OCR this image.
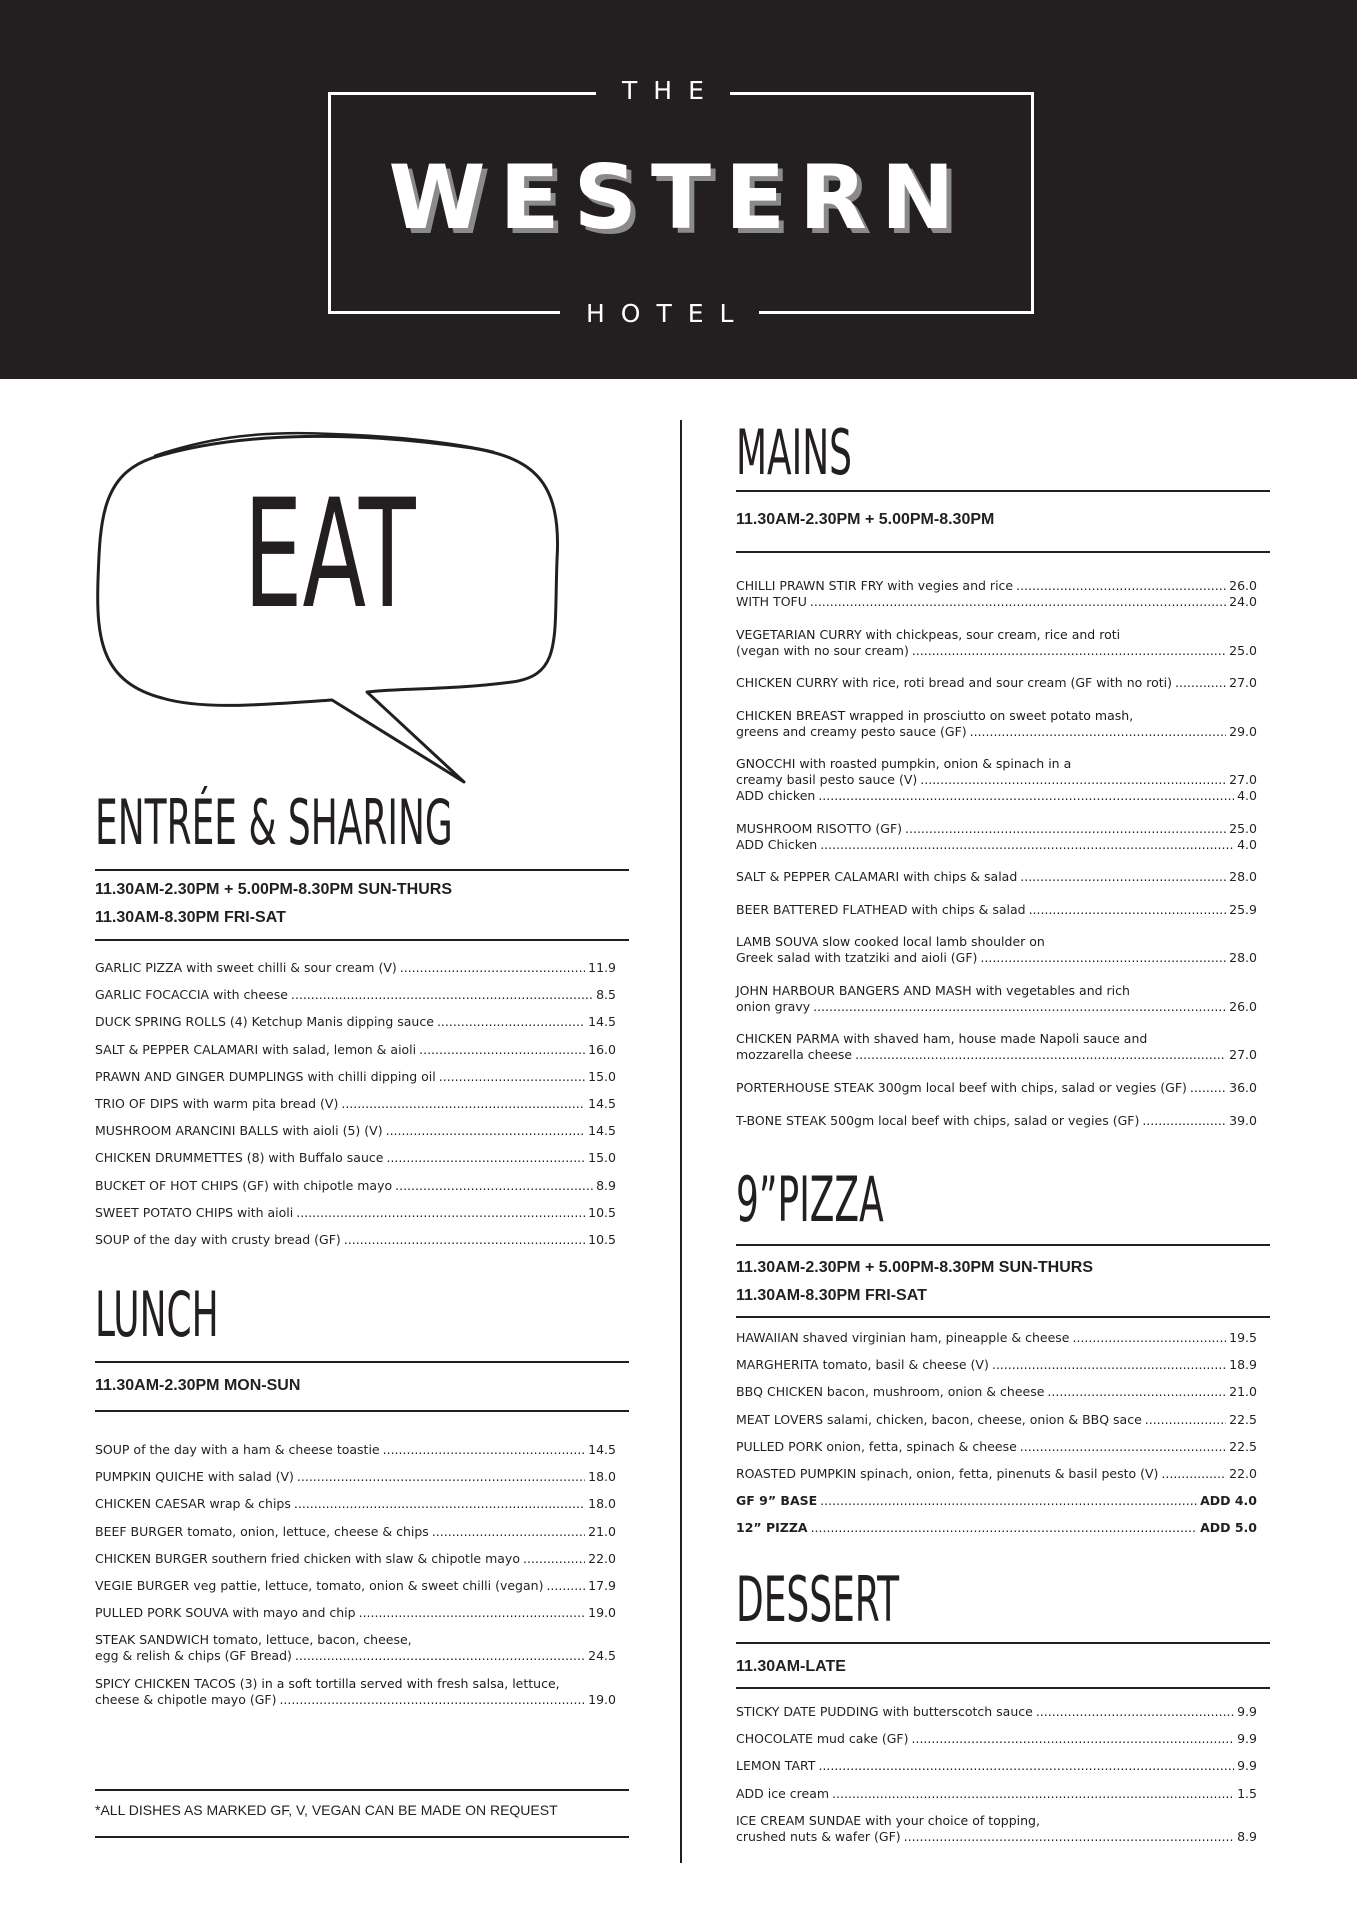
THE
WESTERN
HOTEL
EAT
ENTRÉE & SHARING
11.30AM-2.30PM + 5.00PM-8.30PM SUN-THURS
11.30AM-8.30PM FRI-SAT
GARLIC PIZZA with sweet chilli & sour cream (V) .....	11.9
GARLIC FOCACCIA with cheese .....	8.5
DUCK SPRING ROLLS (4) Ketchup Manis dipping sauce .....	14.5
SALT & PEPPER CALAMARI with salad, lemon & aioli .....	16.0
PRAWN AND GINGER DUMPLINGS with chilli dipping oil .....	15.0
TRIO OF DIPS with warm pita bread (V) .....	14.5
MUSHROOM ARANCINI BALLS with aioli (5) (V) .....	14.5
CHICKEN DRUMMETTES (8) with Buffalo sauce .....	15.0
BUCKET OF HOT CHIPS (GF) with chipotle mayo .....	8.9
SWEET POTATO CHIPS with aioli .....	10.5
SOUP of the day with crusty bread (GF) .....	10.5
LUNCH
11.30AM-2.30PM MON-SUN
SOUP of the day with a ham & cheese toastie .....	14.5
PUMPKIN QUICHE with salad (V) .....	18.0
CHICKEN CAESAR wrap & chips .....	18.0
BEEF BURGER tomato, onion, lettuce, cheese & chips .....	21.0
CHICKEN BURGER southern fried chicken with slaw & chipotle mayo .....	22.0
VEGIE BURGER veg pattie, lettuce, tomato, onion & sweet chilli (vegan) .....	17.9
PULLED PORK SOUVA with mayo and chip .....	19.0
STEAK SANDWICH tomato, lettuce, bacon, cheese,
egg & relish & chips (GF Bread) .....	24.5
SPICY CHICKEN TACOS (3) in a soft tortilla served with fresh salsa, lettuce,
cheese & chipotle mayo (GF) .....	19.0
*ALL DISHES AS MARKED GF, V, VEGAN CAN BE MADE ON REQUEST
MAINS
11.30AM-2.30PM + 5.00PM-8.30PM
CHILLI PRAWN STIR FRY with vegies and rice .....	26.0
WITH TOFU .....	24.0
VEGETARIAN CURRY with chickpeas, sour cream, rice and roti
(vegan with no sour cream) .....	25.0
CHICKEN CURRY with rice, roti bread and sour cream (GF with no roti) .....	27.0
CHICKEN BREAST wrapped in prosciutto on sweet potato mash,
greens and creamy pesto sauce (GF) .....	29.0
GNOCCHI with roasted pumpkin, onion & spinach in a
creamy basil pesto sauce (V) .....	27.0
ADD chicken .....	4.0
MUSHROOM RISOTTO (GF) .....	25.0
ADD Chicken .....	4.0
SALT & PEPPER CALAMARI with chips & salad .....	28.0
BEER BATTERED FLATHEAD with chips & salad .....	25.9
LAMB SOUVA slow cooked local lamb shoulder on
Greek salad with tzatziki and aioli (GF) .....	28.0
JOHN HARBOUR BANGERS AND MASH with vegetables and rich
onion gravy .....	26.0
CHICKEN PARMA with shaved ham, house made Napoli sauce and
mozzarella cheese .....	27.0
PORTERHOUSE STEAK 300gm local beef with chips, salad or vegies (GF) .....	36.0
T-BONE STEAK 500gm local beef with chips, salad or vegies (GF) .....	39.0
9”PIZZA
11.30AM-2.30PM + 5.00PM-8.30PM SUN-THURS
11.30AM-8.30PM FRI-SAT
HAWAIIAN shaved virginian ham, pineapple & cheese .....	19.5
MARGHERITA tomato, basil & cheese (V) .....	18.9
BBQ CHICKEN bacon, mushroom, onion & cheese .....	21.0
MEAT LOVERS salami, chicken, bacon, cheese, onion & BBQ sace .....	22.5
PULLED PORK onion, fetta, spinach & cheese .....	22.5
ROASTED PUMPKIN spinach, onion, fetta, pinenuts & basil pesto (V) .....	22.0
GF 9” BASE .....	ADD 4.0
12” PIZZA .....	ADD 5.0
DESSERT
11.30AM-LATE
STICKY DATE PUDDING with butterscotch sauce .....	9.9
CHOCOLATE mud cake (GF) .....	9.9
LEMON TART .....	9.9
ADD ice cream .....	1.5
ICE CREAM SUNDAE with your choice of topping,
crushed nuts & wafer (GF) .....	8.9
